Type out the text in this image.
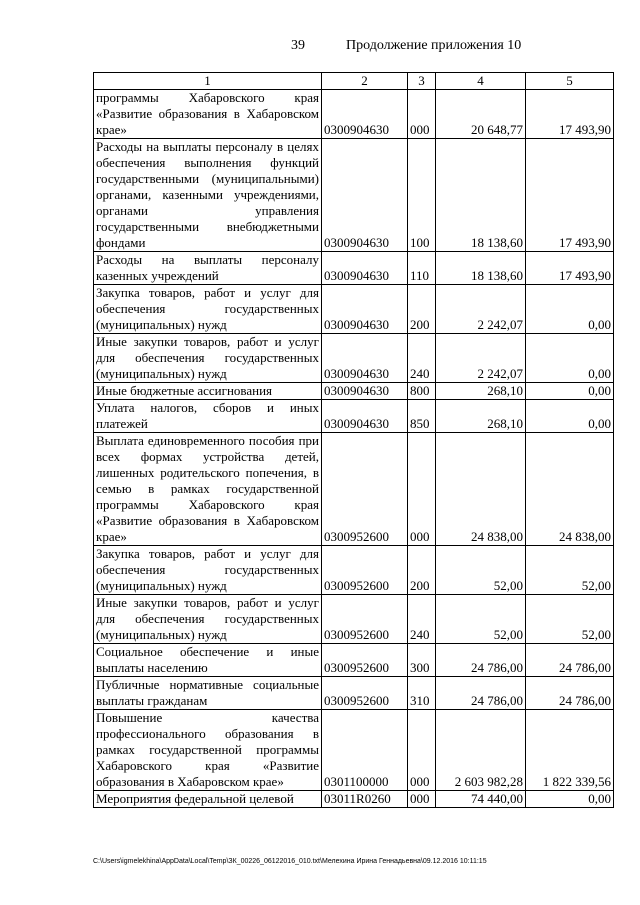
39	Продолжение приложения 10
1	2	3	4	5
программы Хабаровского края «Развитие образования в Хабаровском крае»	0300904630	000	20 648,77	17 493,90
Расходы на выплаты персоналу в целях обеспечения выполнения функций государственными (муниципальными) органами, казенными учреждениями, органами управления государственными внебюджетными фондами	0300904630	100	18 138,60	17 493,90
Расходы на выплаты персоналу казенных учреждений	0300904630	110	18 138,60	17 493,90
Закупка товаров, работ и услуг для обеспечения государственных (муниципальных) нужд	0300904630	200	2 242,07	0,00
Иные закупки товаров, работ и услуг для обеспечения государственных (муниципальных) нужд	0300904630	240	2 242,07	0,00
Иные бюджетные ассигнования	0300904630	800	268,10	0,00
Уплата налогов, сборов и иных платежей	0300904630	850	268,10	0,00
Выплата единовременного пособия при всех формах устройства детей, лишенных родительского попечения, в семью в рамках государственной программы Хабаровского края «Развитие образования в Хабаровском крае»	0300952600	000	24 838,00	24 838,00
Закупка товаров, работ и услуг для обеспечения государственных (муниципальных) нужд	0300952600	200	52,00	52,00
Иные закупки товаров, работ и услуг для обеспечения государственных (муниципальных) нужд	0300952600	240	52,00	52,00
Социальное обеспечение и иные выплаты населению	0300952600	300	24 786,00	24 786,00
Публичные нормативные социальные выплаты гражданам	0300952600	310	24 786,00	24 786,00
Повышение качества профессионального образования в рамках государственной программы Хабаровского края «Развитие образования в Хабаровском крае»	0301100000	000	2 603 982,28	1 822 339,56
Мероприятия федеральной целевой	03011R0260	000	74 440,00	0,00
C:\Users\igmelekhina\AppData\Local\Temp\ЗК_00226_06122016_010.txt\Мелехина Ирина Геннадьевна\09.12.2016 10:11:15
